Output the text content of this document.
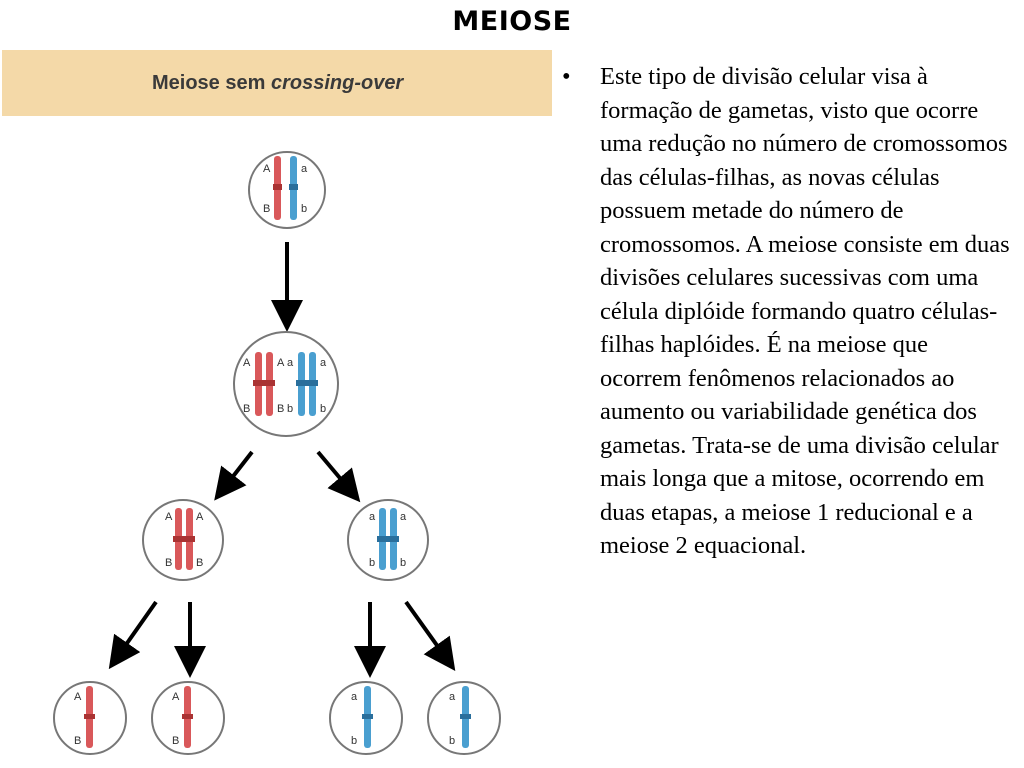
MEIOSE
Meiose sem crossing-over
A
B
a
b
A A
B B
a a
b b
A A
B B
a a
b b
A
B
A
B
a
b
a
b
•	Este tipo de divisão celular visa à formação de gametas, visto que ocorre uma redução no número de cromossomos das células-filhas, as novas células possuem metade do número de cromossomos. A meiose consiste em duas divisões celulares sucessivas com uma célula diplóide formando quatro células-filhas haplóides. É na meiose que ocorrem fenômenos relacionados ao aumento ou variabilidade genética dos gametas. Trata-se de uma divisão celular mais longa que a mitose, ocorrendo em duas etapas, a meiose 1 reducional e a meiose 2 equacional.
